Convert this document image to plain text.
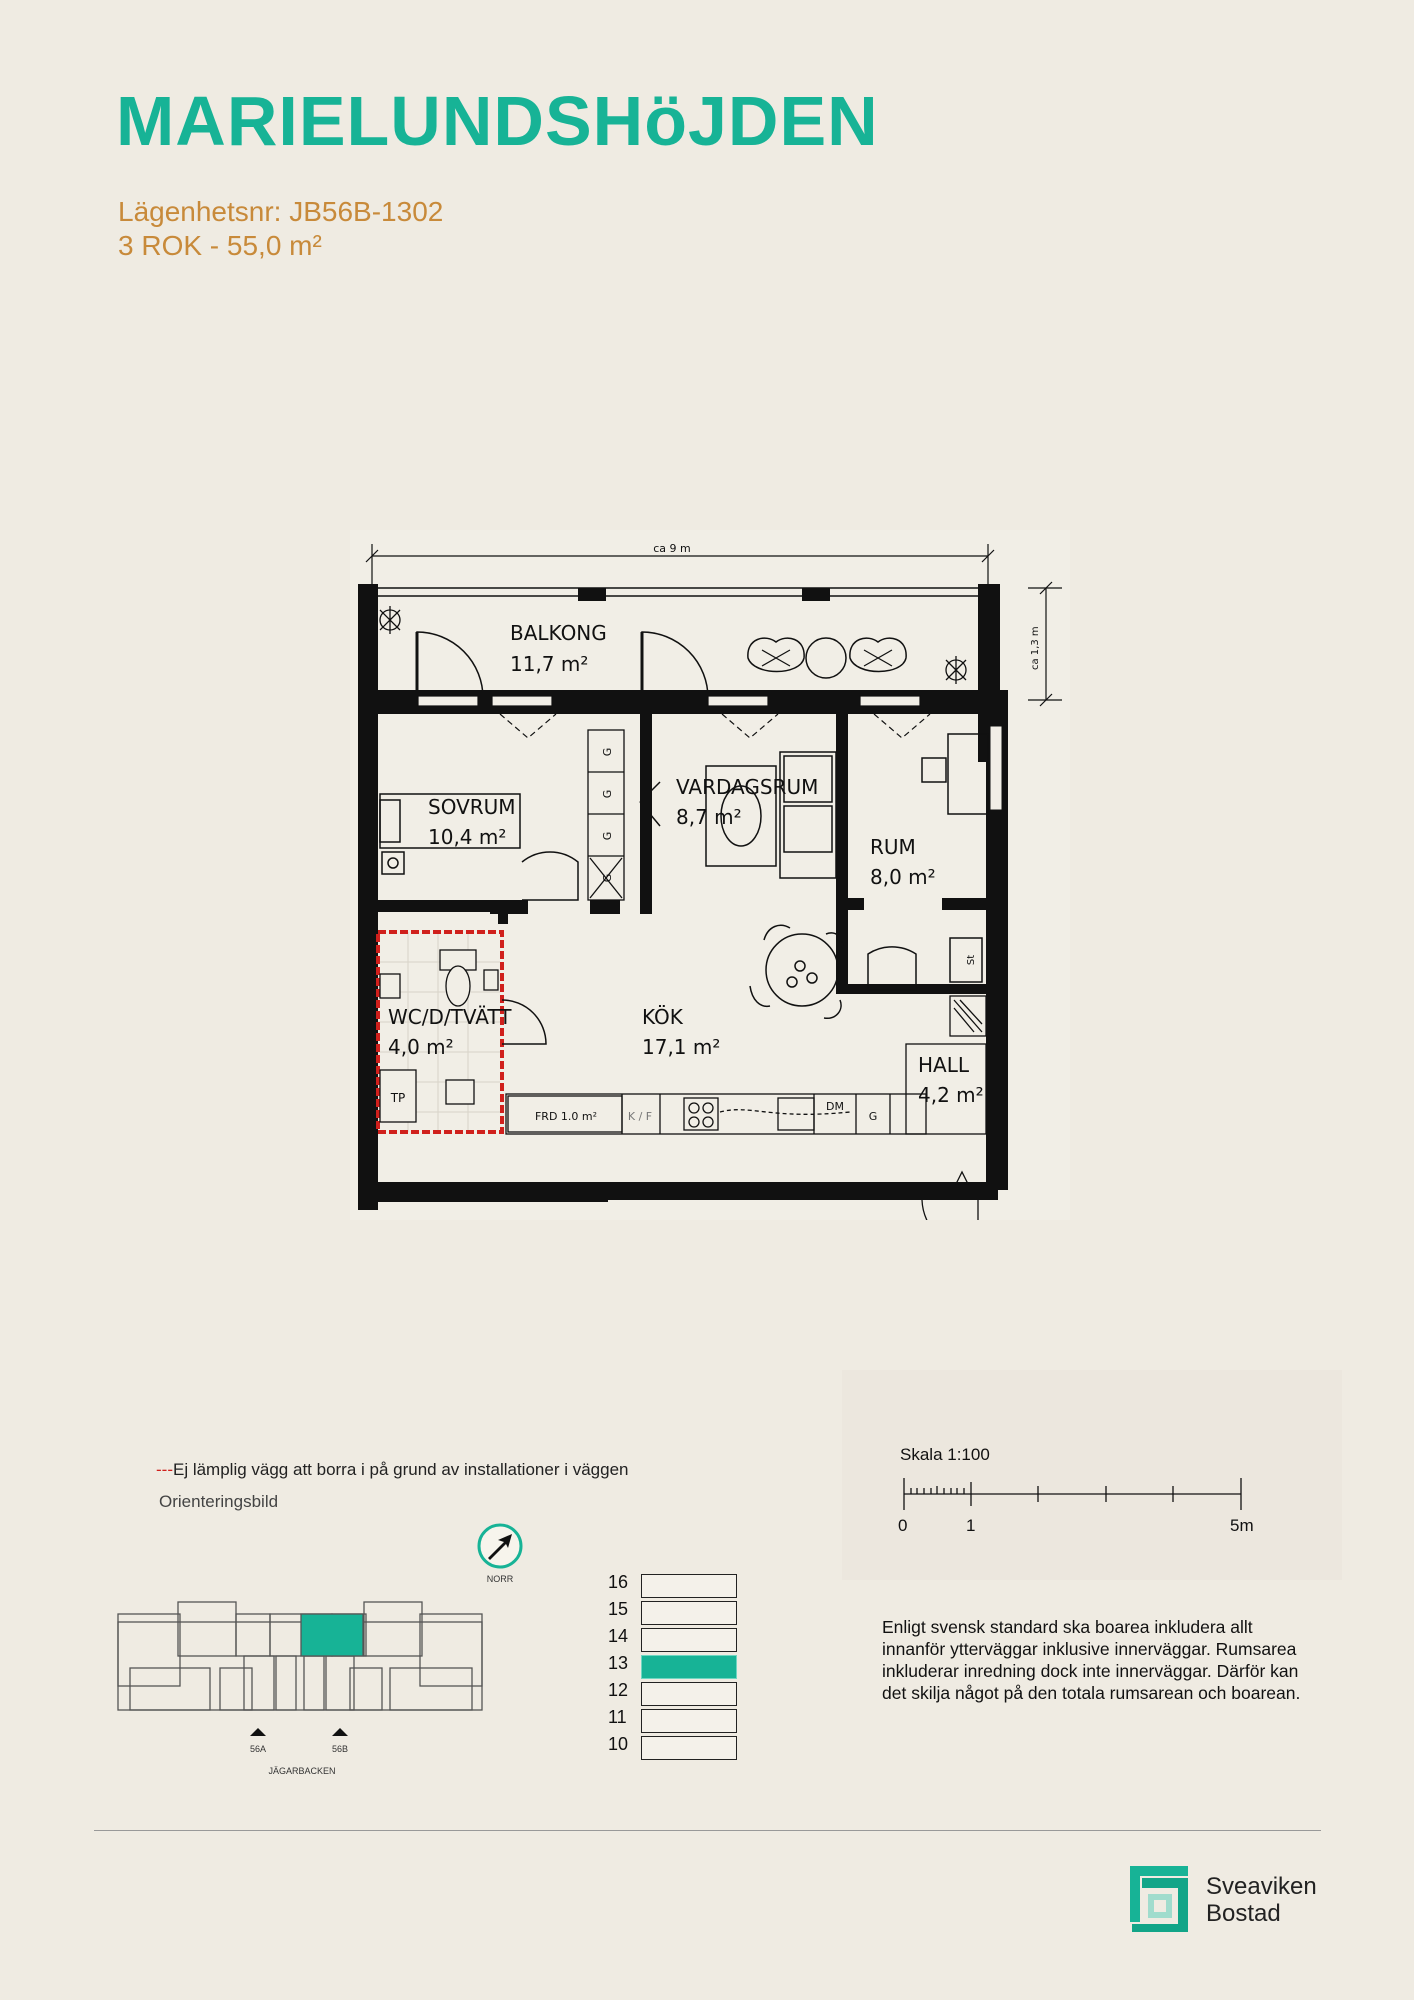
MARIELUNDSHöJDEN
Lägenhetsnr: JB56B-1302
3 ROK - 55,0 m²
ca 9 m
ca 1,3 m
BALKONG
11,7 m²
SOVRUM
10,4 m²
G
G
G
G
VARDAGSRUM
8,7 m²
St
RUM
8,0 m²
KÖK
17,1 m²
FRD 1.0 m²	K / F
DM
G
TP
WC/D/TVÄTT
4,0 m²
HALL
4,2 m²
---Ej lämplig vägg att borra i på grund av installationer i väggen
Orienteringsbild
56A	56B
JÄGARBACKEN
NORR	16
15
14
13
12
11
10
Skala 1:100
0	1	5m
Enligt svensk standard ska boarea inkludera allt innanför ytterväggar inklusive innerväggar. Rumsarea inkluderar inredning dock inte innerväggar. Därför kan det skilja något på den totala rumsarean och boarean.
Sveaviken
Bostad
